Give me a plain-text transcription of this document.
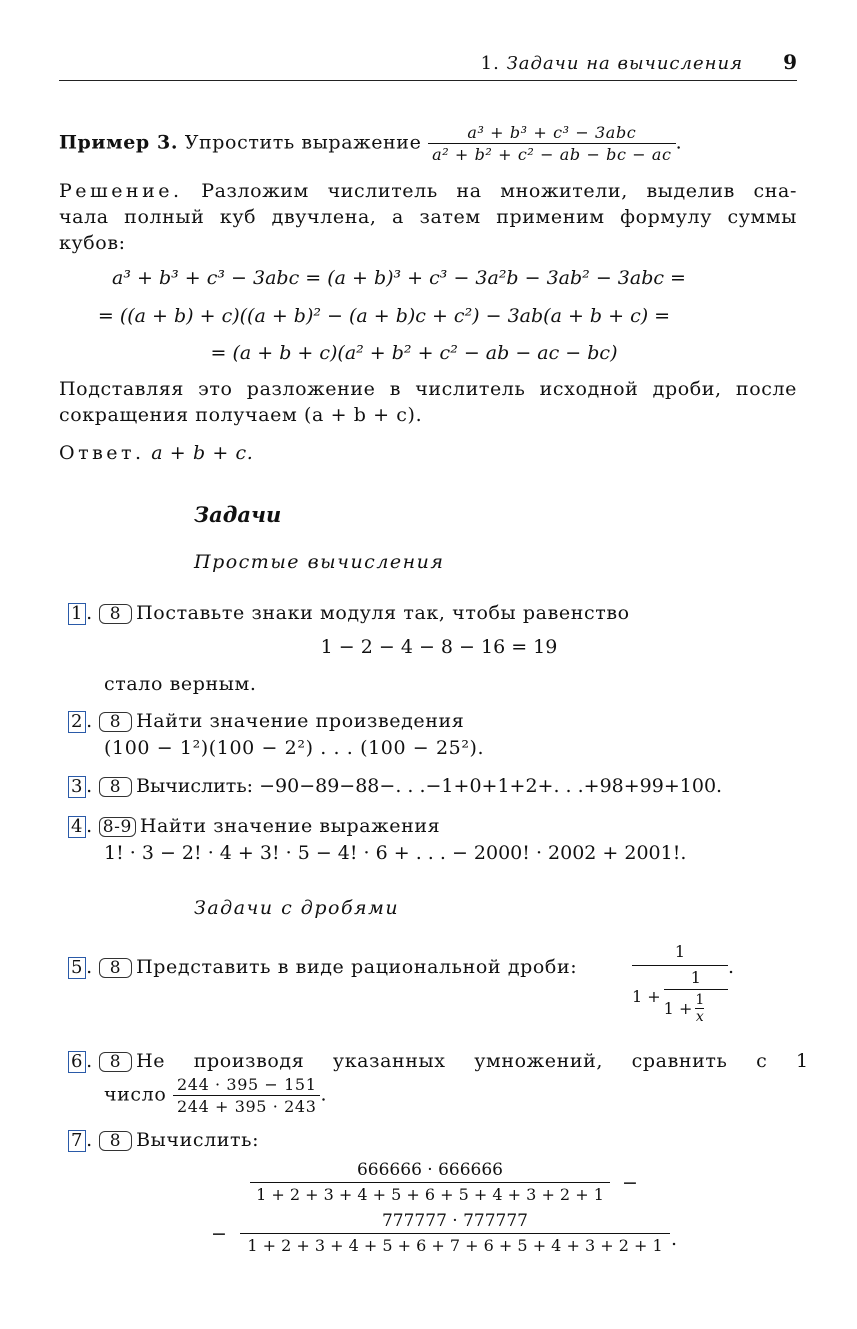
1. Задачи на вычисления 9
Пример 3. Упростить выражение $\frac{\text{a³ + b³ + c³ − 3abc}}{\text{a² + b² + c² − ab − bc − ac}}$ .
Решение. Разложим числитель на множители, выделив сна-
чала полный куб двучлена, а затем применим формулу суммы
кубов:
a³ + b³ + c³ − 3abc = (a + b)³ + c³ − 3a²b − 3ab² − 3abc =
= ((a + b) + c)((a + b)² − (a + b)c + c²) − 3ab(a + b + c) =
= (a + b + c)(a² + b² + c² − ab − ac − bc)
Подставляя это разложение в числитель исходной дроби, после
сокращения получаем (a + b + c).
Ответ. a + b + c.
Задачи
Простые вычисления
1 . 8 Поставьте знаки модуля так, чтобы равенство
1 − 2 − 4 − 8 − 16 = 19
стало верным.
2 . 8 Найти значение произведения
(100 − 1²)(100 − 2²) . . . (100 − 25²).
3 . 8 Вычислить: −90−89−88−. . .−1+0+1+2+. . .+98+99+100.
4 . 8-9 Найти значение выражения
1! · 3 − 2! · 4 + 3! · 5 − 4! · 6 + . . . − 2000! · 2002 + 2001!.
Задачи с дробями
5 . 8 Представить в виде рациональной дроби:
1
$1 + \frac{1}{1 + \frac{1}{x}}$
.
6 . 8 Не производя указанных умножений, сравнить с 1
число $\frac{244 \cdot 395 - 151}{244 + 395 \cdot 243}$ .
7 . 8 Вычислить:
666666 · 666666
1 + 2 + 3 + 4 + 5 + 6 + 5 + 4 + 3 + 2 + 1
−
−
777777 · 777777
1 + 2 + 3 + 4 + 5 + 6 + 7 + 6 + 5 + 4 + 3 + 2 + 1 .
